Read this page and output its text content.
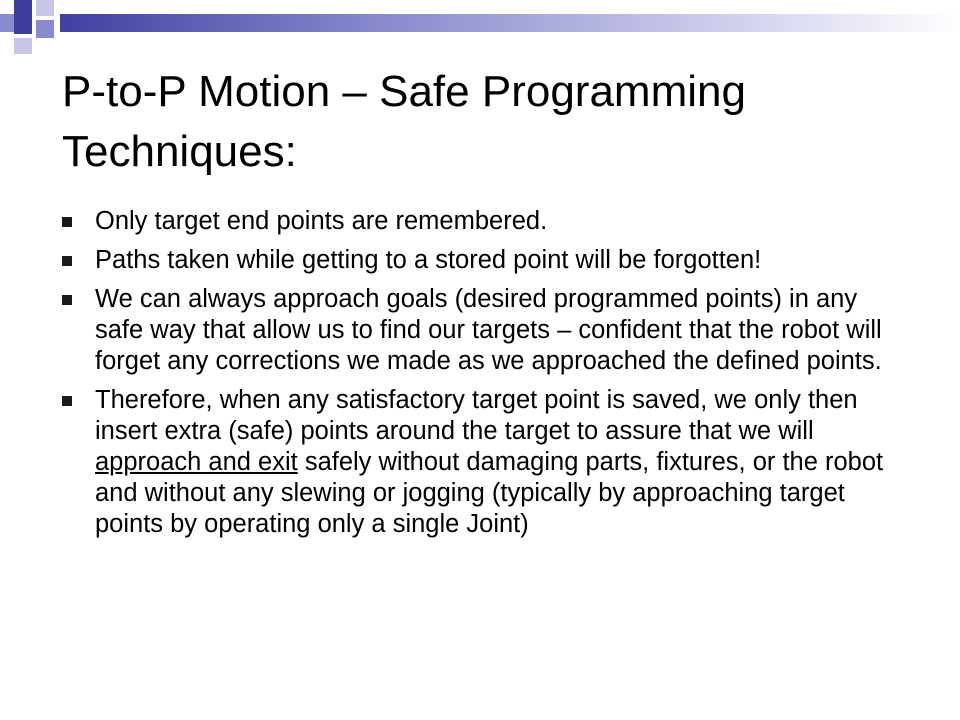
P-to-P Motion – Safe Programming Techniques:
Only target end points are remembered.
Paths taken while getting to a stored point will be forgotten!
We can always approach goals (desired programmed points) in any safe way that allow us to find our targets – confident that the robot will forget any corrections we made as we approached the defined points.
Therefore, when any satisfactory target point is saved, we only then insert extra (safe) points around the target to assure that we will approach and exit safely without damaging parts, fixtures, or the robot and without any slewing or jogging (typically by approaching target points by operating only a single Joint)
